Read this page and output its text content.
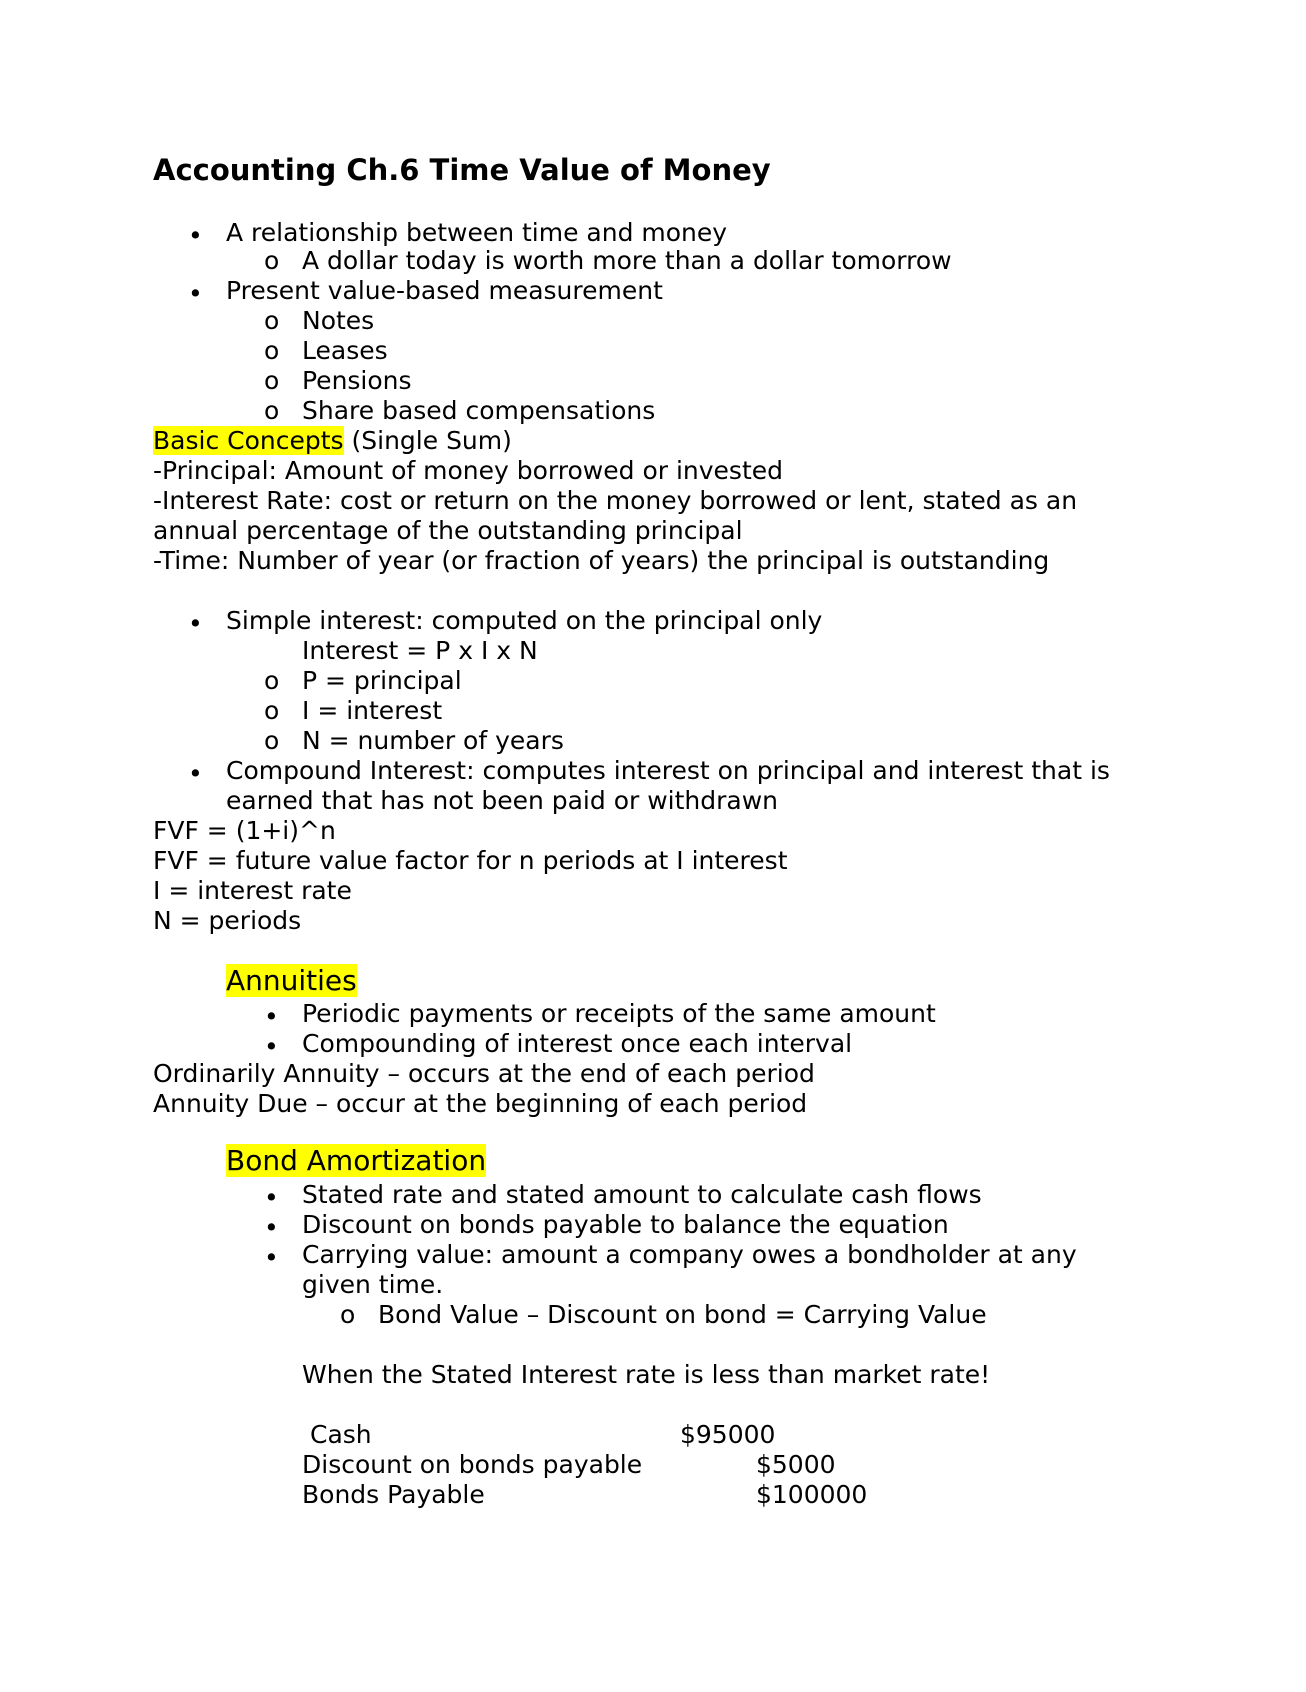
Accounting Ch.6 Time Value of Money
• A relationship between time and money
o A dollar today is worth more than a dollar tomorrow
• Present value-based measurement
o Notes
o Leases
o Pensions
o Share based compensations
Basic Concepts (Single Sum)
-Principal: Amount of money borrowed or invested
-Interest Rate: cost or return on the money borrowed or lent, stated as an
annual percentage of the outstanding principal
-Time: Number of year (or fraction of years) the principal is outstanding
• Simple interest: computed on the principal only
Interest = P x I x N
o P = principal
o I = interest
o N = number of years
• Compound Interest: computes interest on principal and interest that is
earned that has not been paid or withdrawn
FVF = (1+i)^n
FVF = future value factor for n periods at I interest
I = interest rate
N = periods
Annuities
• Periodic payments or receipts of the same amount
• Compounding of interest once each interval
Ordinarily Annuity – occurs at the end of each period
Annuity Due – occur at the beginning of each period
Bond Amortization
• Stated rate and stated amount to calculate cash flows
• Discount on bonds payable to balance the equation
• Carrying value: amount a company owes a bondholder at any
given time.
o Bond Value – Discount on bond = Carrying Value
When the Stated Interest rate is less than market rate!
Cash	$95000
Discount on bonds payable	$5000
Bonds Payable	$100000
